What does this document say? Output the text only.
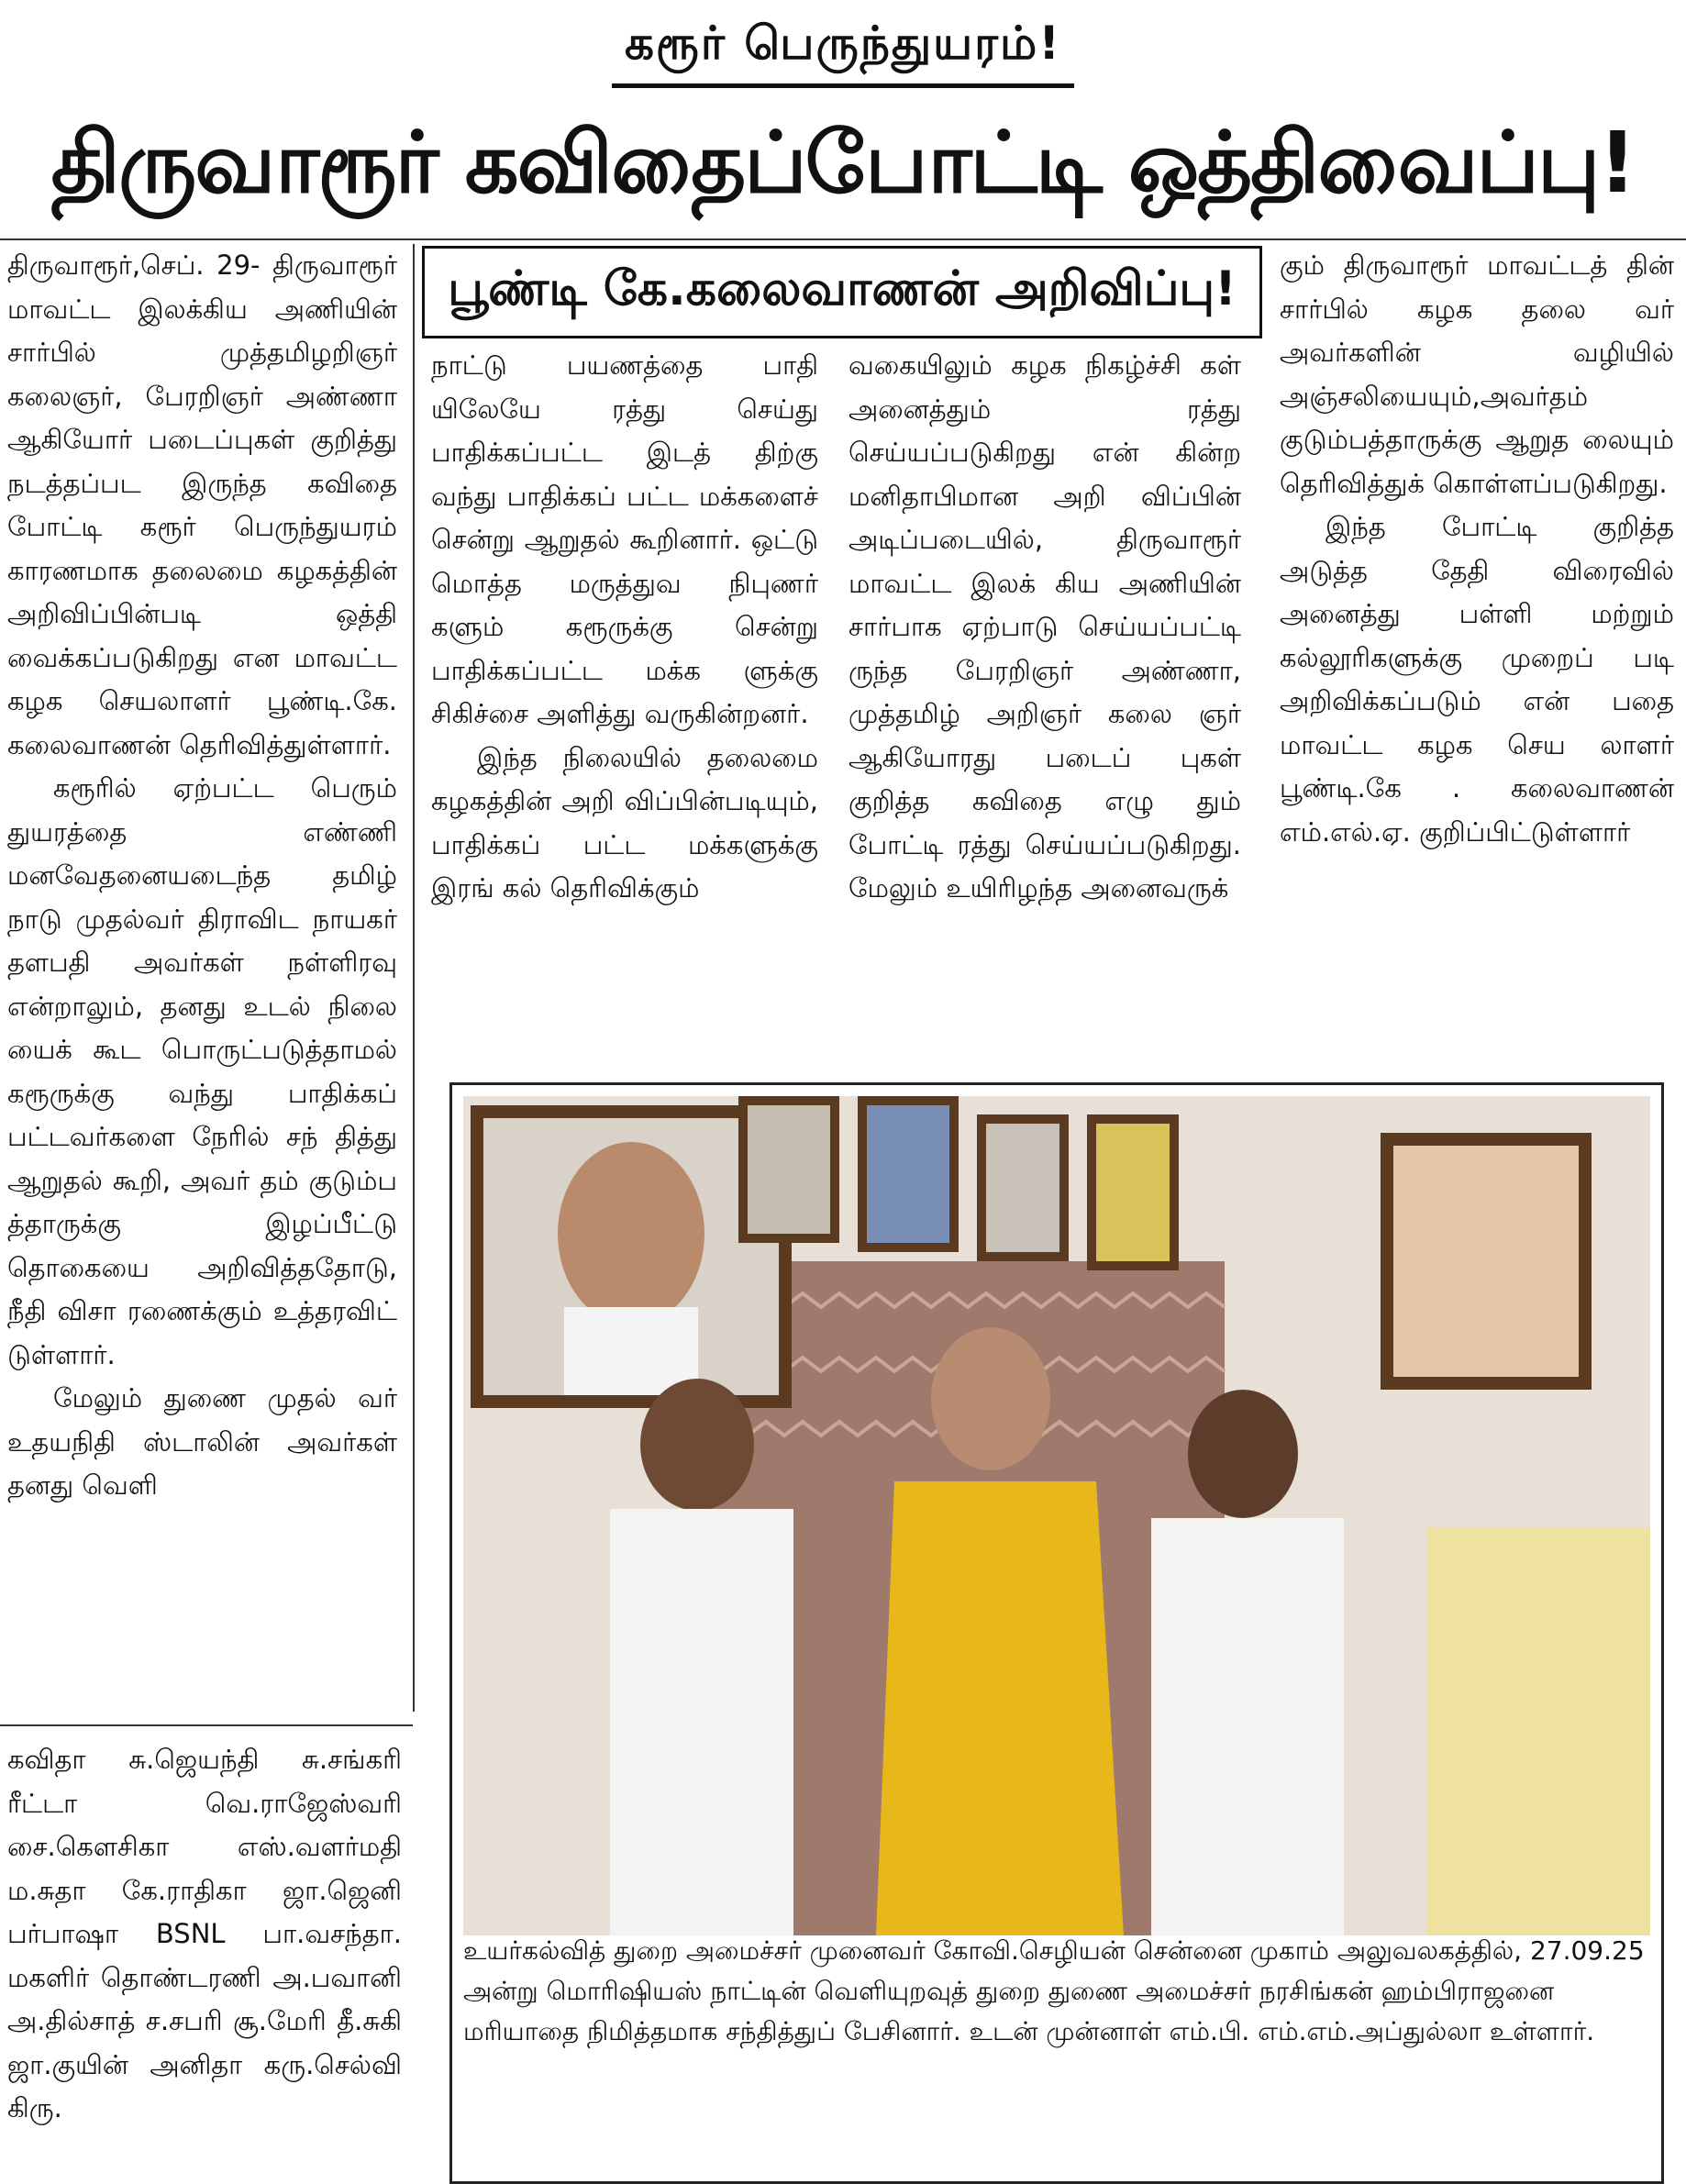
கரூர் பெருந்துயரம்!
திருவாரூர் கவிதைப்போட்டி ஒத்திவைப்பு!
பூண்டி கே.கலைவாணன் அறிவிப்பு!

திருவாரூர்,செப். 29- திருவாரூர் மாவட்ட இலக்கிய அணியின் சார்பில் முத்தமிழறிஞர் கலைஞர், பேரறிஞர் அண்ணா ஆகியோர் படைப்புகள் குறித்து நடத்தப்பட இருந்த கவிதை போட்டி கரூர் பெருந்துயரம் காரணமாக தலைமை கழகத்தின் அறிவிப்பின்படி ஒத்தி வைக்கப்படுகிறது என மாவட்ட கழக செயலாளர் பூண்டி.கே. கலைவாணன் தெரிவித்துள்ளார்.

கரூரில் ஏற்பட்ட பெரும் துயரத்தை எண்ணி மனவேதனையடைந்த தமிழ் நாடு முதல்வர் திராவிட நாயகர் தளபதி அவர்கள் நள்ளிரவு என்றாலும், தனது உடல் நிலை யைக் கூட பொருட்படுத்தாமல் கரூருக்கு வந்து பாதிக்கப் பட்டவர்களை நேரில் சந் தித்து ஆறுதல் கூறி, அவர் தம் குடும்ப த்தாருக்கு இழப்பீட்டு தொகையை அறிவித்ததோடு, நீதி விசா ரணைக்கும் உத்தரவிட் டுள்ளார்.

மேலும் துணை முதல் வர் உதயநிதி ஸ்டாலின் அவர்கள் தனது வெளி

நாட்டு பயணத்தை பாதி யிலேயே ரத்து செய்து பாதிக்கப்பட்ட இடத் திற்கு வந்து பாதிக்கப் பட்ட மக்களைச் சென்று ஆறுதல் கூறினார். ஒட்டு மொத்த மருத்துவ நிபுணர் களும் கரூருக்கு சென்று பாதிக்கப்பட்ட மக்க ளுக்கு சிகிச்சை அளித்து வருகின்றனர்.

இந்த நிலையில் தலைமை கழகத்தின் அறி விப்பின்படியும், பாதிக்கப் பட்ட மக்களுக்கு இரங் கல் தெரிவிக்கும்

வகையிலும் கழக நிகழ்ச்சி கள் அனைத்தும் ரத்து செய்யப்படுகிறது என் கின்ற மனிதாபிமான அறி விப்பின் அடிப்படையில், திருவாரூர் மாவட்ட இலக் கிய அணியின் சார்பாக ஏற்பாடு செய்யப்பட்டி ருந்த பேரறிஞர் அண்ணா, முத்தமிழ் அறிஞர் கலை ஞர் ஆகியோரது படைப் புகள் குறித்த கவிதை எழு தும் போட்டி ரத்து செய்யப்படுகிறது. மேலும் உயிரிழந்த அனைவருக்

கும் திருவாரூர் மாவட்டத் தின் சார்பில் கழக தலை வர் அவர்களின் வழியில் அஞ்சலியையும்,அவர்தம் குடும்பத்தாருக்கு ஆறுத லையும் தெரிவித்துக் கொள்ளப்படுகிறது.

இந்த போட்டி குறித்த அடுத்த தேதி விரைவில் அனைத்து பள்ளி மற்றும் கல்லூரிகளுக்கு முறைப் படி அறிவிக்கப்படும் என் பதை மாவட்ட கழக செய லாளர் பூண்டி.கே . கலைவாணன் எம்.எல்.ஏ. குறிப்பிட்டுள்ளார்

கவிதா சு.ஜெயந்தி சு.சங்கரி ரீட்டா வெ.ராஜேஸ்வரி சை.கௌசிகா எஸ்.வளர்மதி ம.சுதா கே.ராதிகா ஜா.ஜெனி பர்பாஷா BSNL பா.வசந்தா. மகளிர் தொண்டரணி அ.பவானி அ.தில்சாத் ச.சபரி சூ.மேரி தீ.சுகி ஜா.குயின் அனிதா கரு.செல்வி கிரு.
உயர்கல்வித் துறை அமைச்சர் முனைவர் கோவி.செழியன் சென்னை முகாம் அலுவலகத்தில், 27.09.25 அன்று மொரிஷியஸ் நாட்டின் வெளியுறவுத் துறை துணை அமைச்சர் நரசிங்கன் ஹம்பிராஜனை மரியாதை நிமித்தமாக சந்தித்துப் பேசினார். உடன் முன்னாள் எம்.பி. எம்.எம்.அப்துல்லா உள்ளார்.
